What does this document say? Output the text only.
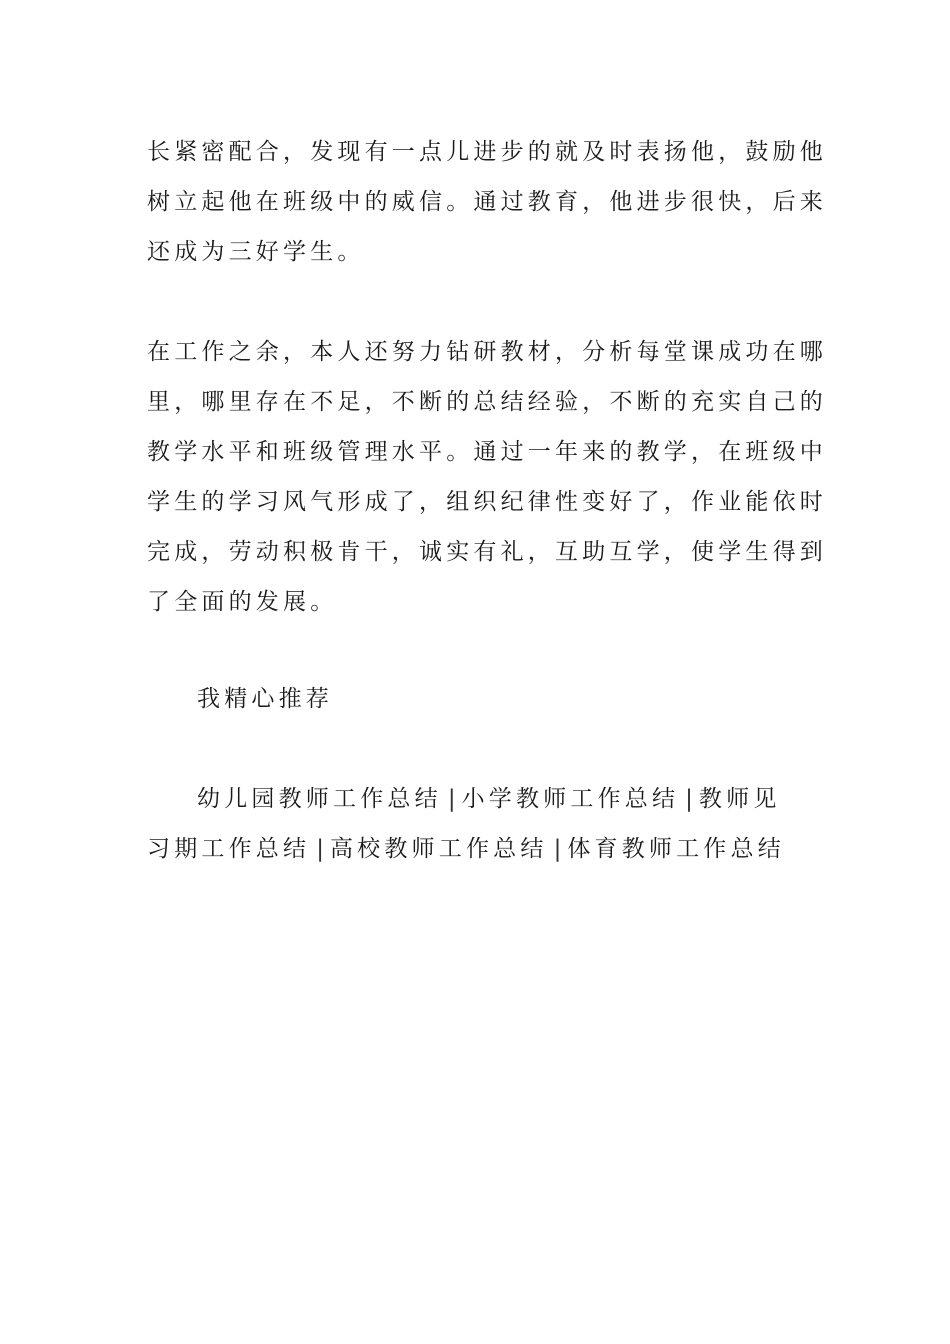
长紧密配合，发现有一点儿进步的就及时表扬他，鼓励他
树立起他在班级中的威信。通过教育，他进步很快，后来
还成为三好学生。

在工作之余，本人还努力钻研教材，分析每堂课成功在哪
里，哪里存在不足，不断的总结经验，不断的充实自己的
教学水平和班级管理水平。通过一年来的教学，在班级中
学生的学习风气形成了，组织纪律性变好了，作业能依时
完成，劳动积极肯干，诚实有礼，互助互学，使学生得到
了全面的发展。

我精心推荐

幼儿园教师工作总结 | 小学教师工作总结 | 教师见
习期工作总结 | 高校教师工作总结 | 体育教师工作总结
